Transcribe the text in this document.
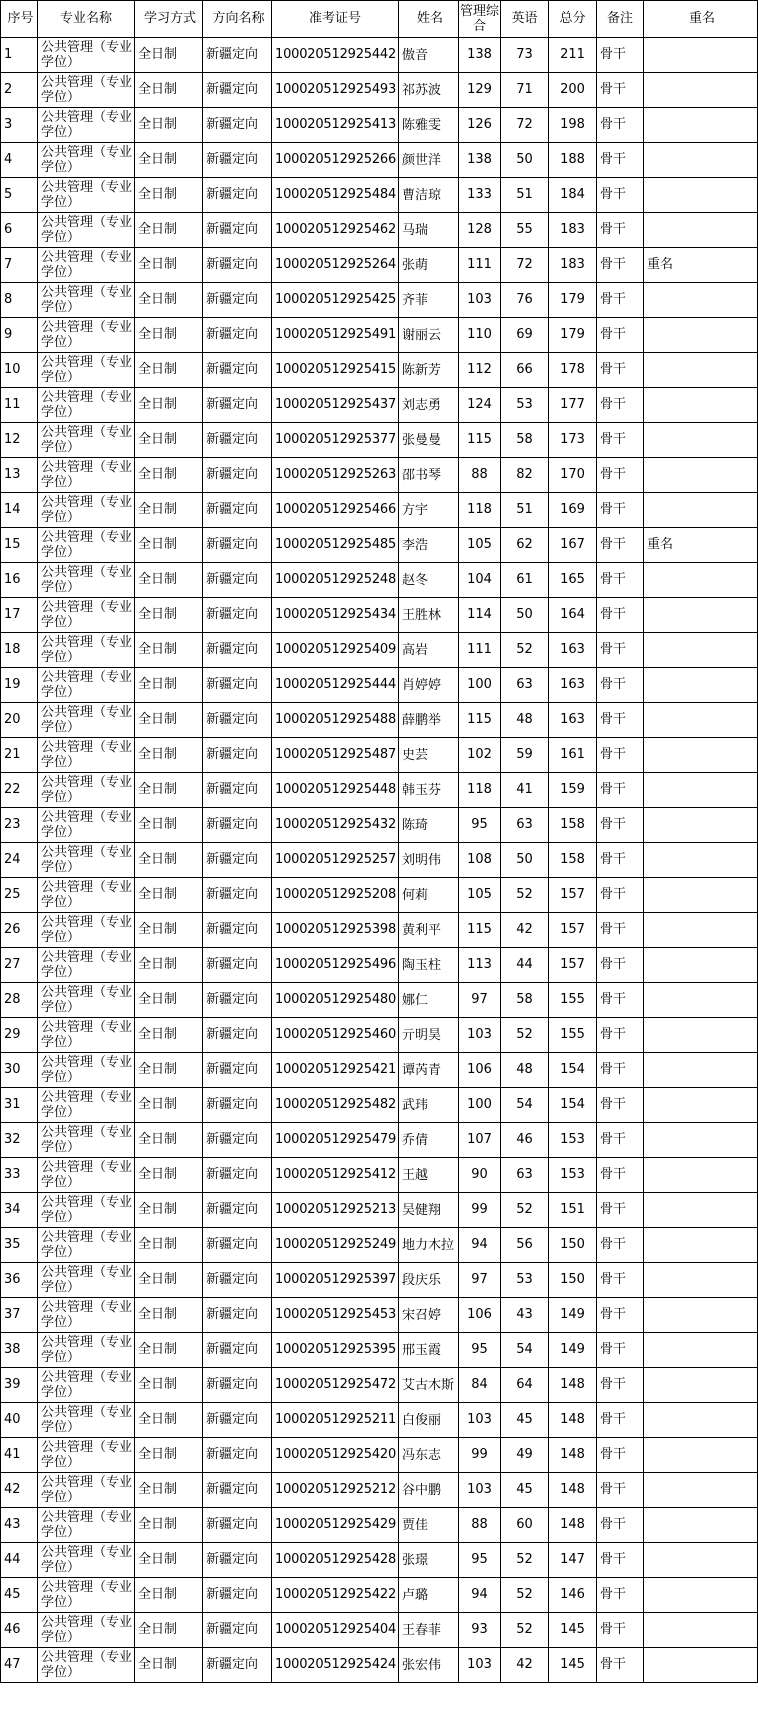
序号	专业名称	学习方式	方向名称	准考证号	姓名	管理综合	英语	总分	备注	重名
1	公共管理（专业学位）	全日制	新疆定向	100020512925442	傲音	138	73	211	骨干	
2	公共管理（专业学位）	全日制	新疆定向	100020512925493	祁苏波	129	71	200	骨干	
3	公共管理（专业学位）	全日制	新疆定向	100020512925413	陈雅雯	126	72	198	骨干	
4	公共管理（专业学位）	全日制	新疆定向	100020512925266	颜世洋	138	50	188	骨干	
5	公共管理（专业学位）	全日制	新疆定向	100020512925484	曹洁琼	133	51	184	骨干	
6	公共管理（专业学位）	全日制	新疆定向	100020512925462	马瑞	128	55	183	骨干	
7	公共管理（专业学位）	全日制	新疆定向	100020512925264	张萌	111	72	183	骨干	重名
8	公共管理（专业学位）	全日制	新疆定向	100020512925425	齐菲	103	76	179	骨干	
9	公共管理（专业学位）	全日制	新疆定向	100020512925491	谢丽云	110	69	179	骨干	
10	公共管理（专业学位）	全日制	新疆定向	100020512925415	陈新芳	112	66	178	骨干	
11	公共管理（专业学位）	全日制	新疆定向	100020512925437	刘志勇	124	53	177	骨干	
12	公共管理（专业学位）	全日制	新疆定向	100020512925377	张曼曼	115	58	173	骨干	
13	公共管理（专业学位）	全日制	新疆定向	100020512925263	邵书琴	88	82	170	骨干	
14	公共管理（专业学位）	全日制	新疆定向	100020512925466	方宇	118	51	169	骨干	
15	公共管理（专业学位）	全日制	新疆定向	100020512925485	李浩	105	62	167	骨干	重名
16	公共管理（专业学位）	全日制	新疆定向	100020512925248	赵冬	104	61	165	骨干	
17	公共管理（专业学位）	全日制	新疆定向	100020512925434	王胜林	114	50	164	骨干	
18	公共管理（专业学位）	全日制	新疆定向	100020512925409	高岩	111	52	163	骨干	
19	公共管理（专业学位）	全日制	新疆定向	100020512925444	肖婷婷	100	63	163	骨干	
20	公共管理（专业学位）	全日制	新疆定向	100020512925488	薛鹏举	115	48	163	骨干	
21	公共管理（专业学位）	全日制	新疆定向	100020512925487	史芸	102	59	161	骨干	
22	公共管理（专业学位）	全日制	新疆定向	100020512925448	韩玉芬	118	41	159	骨干	
23	公共管理（专业学位）	全日制	新疆定向	100020512925432	陈琦	95	63	158	骨干	
24	公共管理（专业学位）	全日制	新疆定向	100020512925257	刘明伟	108	50	158	骨干	
25	公共管理（专业学位）	全日制	新疆定向	100020512925208	何莉	105	52	157	骨干	
26	公共管理（专业学位）	全日制	新疆定向	100020512925398	黄利平	115	42	157	骨干	
27	公共管理（专业学位）	全日制	新疆定向	100020512925496	陶玉柱	113	44	157	骨干	
28	公共管理（专业学位）	全日制	新疆定向	100020512925480	娜仁	97	58	155	骨干	
29	公共管理（专业学位）	全日制	新疆定向	100020512925460	亓明昊	103	52	155	骨干	
30	公共管理（专业学位）	全日制	新疆定向	100020512925421	谭芮青	106	48	154	骨干	
31	公共管理（专业学位）	全日制	新疆定向	100020512925482	武玮	100	54	154	骨干	
32	公共管理（专业学位）	全日制	新疆定向	100020512925479	乔倩	107	46	153	骨干	
33	公共管理（专业学位）	全日制	新疆定向	100020512925412	王越	90	63	153	骨干	
34	公共管理（专业学位）	全日制	新疆定向	100020512925213	吴健翔	99	52	151	骨干	
35	公共管理（专业学位）	全日制	新疆定向	100020512925249	地力木拉	94	56	150	骨干	
36	公共管理（专业学位）	全日制	新疆定向	100020512925397	段庆乐	97	53	150	骨干	
37	公共管理（专业学位）	全日制	新疆定向	100020512925453	宋召婷	106	43	149	骨干	
38	公共管理（专业学位）	全日制	新疆定向	100020512925395	邢玉霞	95	54	149	骨干	
39	公共管理（专业学位）	全日制	新疆定向	100020512925472	艾古木斯	84	64	148	骨干	
40	公共管理（专业学位）	全日制	新疆定向	100020512925211	白俊丽	103	45	148	骨干	
41	公共管理（专业学位）	全日制	新疆定向	100020512925420	冯东志	99	49	148	骨干	
42	公共管理（专业学位）	全日制	新疆定向	100020512925212	谷中鹏	103	45	148	骨干	
43	公共管理（专业学位）	全日制	新疆定向	100020512925429	贾佳	88	60	148	骨干	
44	公共管理（专业学位）	全日制	新疆定向	100020512925428	张璟	95	52	147	骨干	
45	公共管理（专业学位）	全日制	新疆定向	100020512925422	卢璐	94	52	146	骨干	
46	公共管理（专业学位）	全日制	新疆定向	100020512925404	王春菲	93	52	145	骨干	
47	公共管理（专业学位）	全日制	新疆定向	100020512925424	张宏伟	103	42	145	骨干	
